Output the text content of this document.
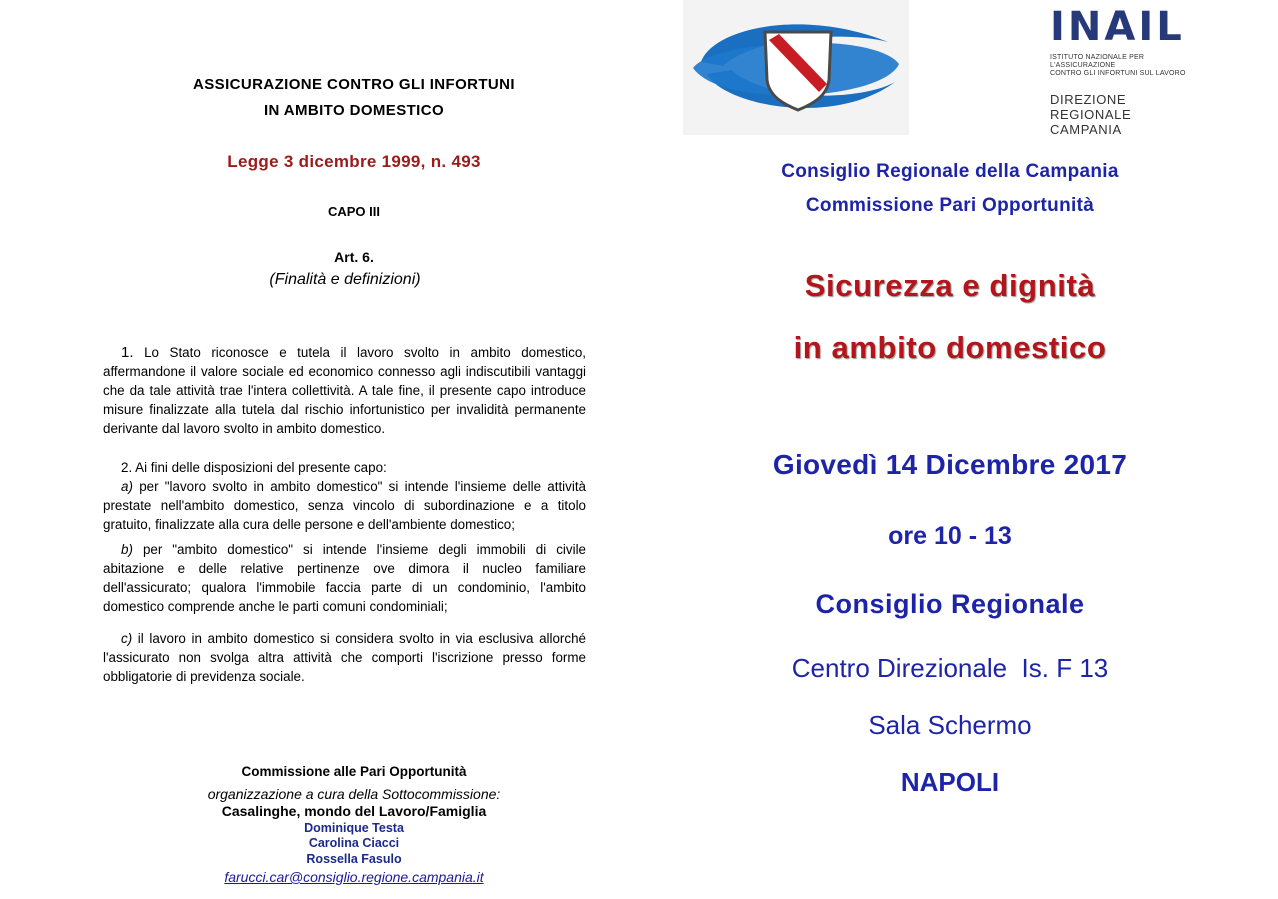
ASSICURAZIONE CONTRO GLI INFORTUNI
IN AMBITO DOMESTICO
Legge 3 dicembre 1999, n. 493
CAPO III
Art. 6.
(Finalità e definizioni)
1. Lo Stato riconosce e tutela il lavoro svolto in ambito domestico, affermandone il valore sociale ed economico connesso agli indiscutibili vantaggi che da tale attività trae l'intera collettività. A tale fine, il presente capo introduce misure finalizzate alla tutela dal rischio infortunistico per invalidità permanente derivante dal lavoro svolto in ambito domestico.
2. Ai fini delle disposizioni del presente capo:
a) per "lavoro svolto in ambito domestico" si intende l'insieme delle attività prestate nell'ambito domestico, senza vincolo di subordinazione e a titolo gratuito, finalizzate alla cura delle persone e dell'ambiente domestico;
b) per "ambito domestico" si intende l'insieme degli immobili di civile abitazione e delle relative pertinenze ove dimora il nucleo familiare dell'assicurato; qualora l'immobile faccia parte di un condominio, l'ambito domestico comprende anche le parti comuni condominiali;
c) il lavoro in ambito domestico si considera svolto in via esclusiva allorché l'assicurato non svolga altra attività che comporti l'iscrizione presso forme obbligatorie di previdenza sociale.
Commissione alle Pari Opportunità
organizzazione a cura della Sottocommissione:
Casalinghe, mondo del Lavoro/Famiglia
Dominique Testa
Carolina Ciacci
Rossella Fasulo
farucci.car@consiglio.regione.campania.it
INAIL
ISTITUTO NAZIONALE PER L'ASSICURAZIONE
CONTRO GLI INFORTUNI SUL LAVORO
DIREZIONE REGIONALE
CAMPANIA
Consiglio Regionale della Campania
Commissione Pari Opportunità
Sicurezza e dignità
in ambito domestico
Giovedì 14 Dicembre 2017
ore 10 - 13
Consiglio Regionale
Centro Direzionale  Is. F 13
Sala Schermo
NAPOLI
